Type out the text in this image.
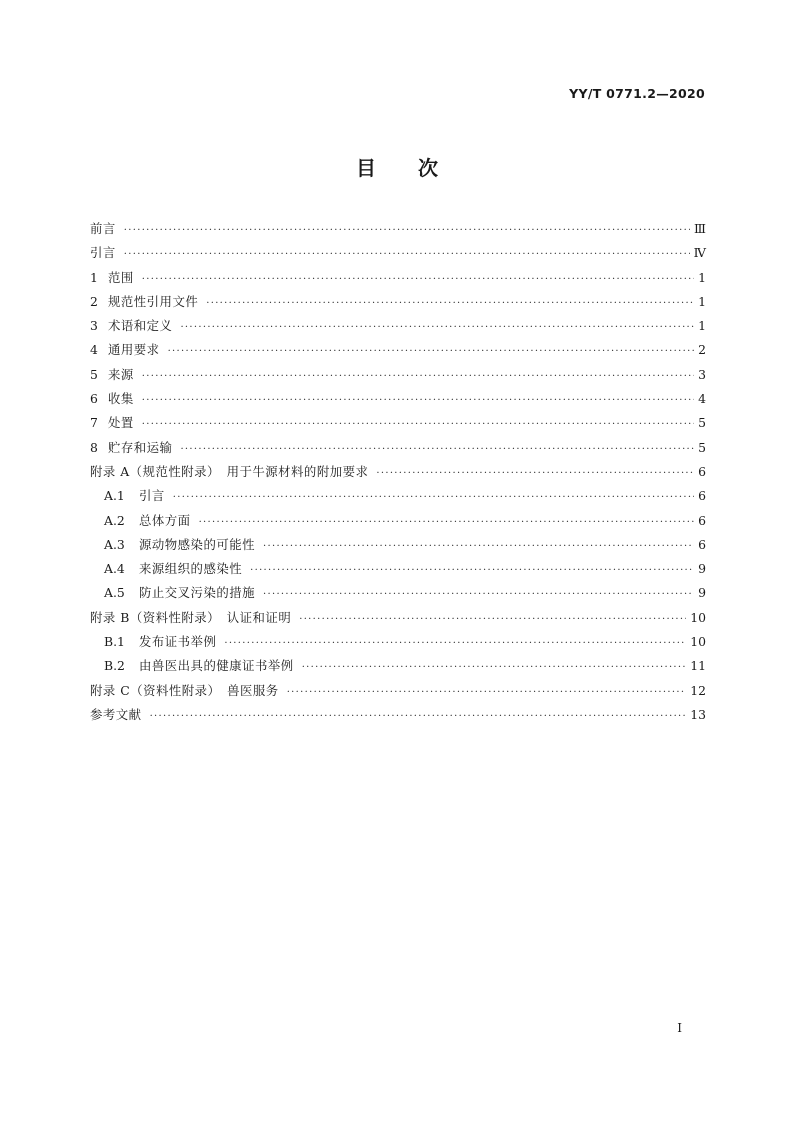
YY/T 0771.2—2020
目 次
前言 ·····	Ⅲ
引言 ·····	Ⅳ
1 范围 ·····	1
2 规范性引用文件 ·····	1
3 术语和定义 ·····	1
4 通用要求 ·····	2
5 来源 ·····	3
6 收集 ·····	4
7 处置 ·····	5
8 贮存和运输 ·····	5
附录 A（规范性附录）　用于牛源材料的附加要求 ·····	6
A.1	引言 ·····	6
A.2	总体方面 ·····	6
A.3	源动物感染的可能性 ·····	6
A.4	来源组织的感染性 ·····	9
A.5	防止交叉污染的措施 ·····	9
附录 B（资料性附录）　认证和证明 ·····	10
B.1	发布证书举例 ·····	10
B.2	由兽医出具的健康证书举例 ·····	11
附录 C（资料性附录）　兽医服务 ·····	12
参考文献 ·····	13
I
